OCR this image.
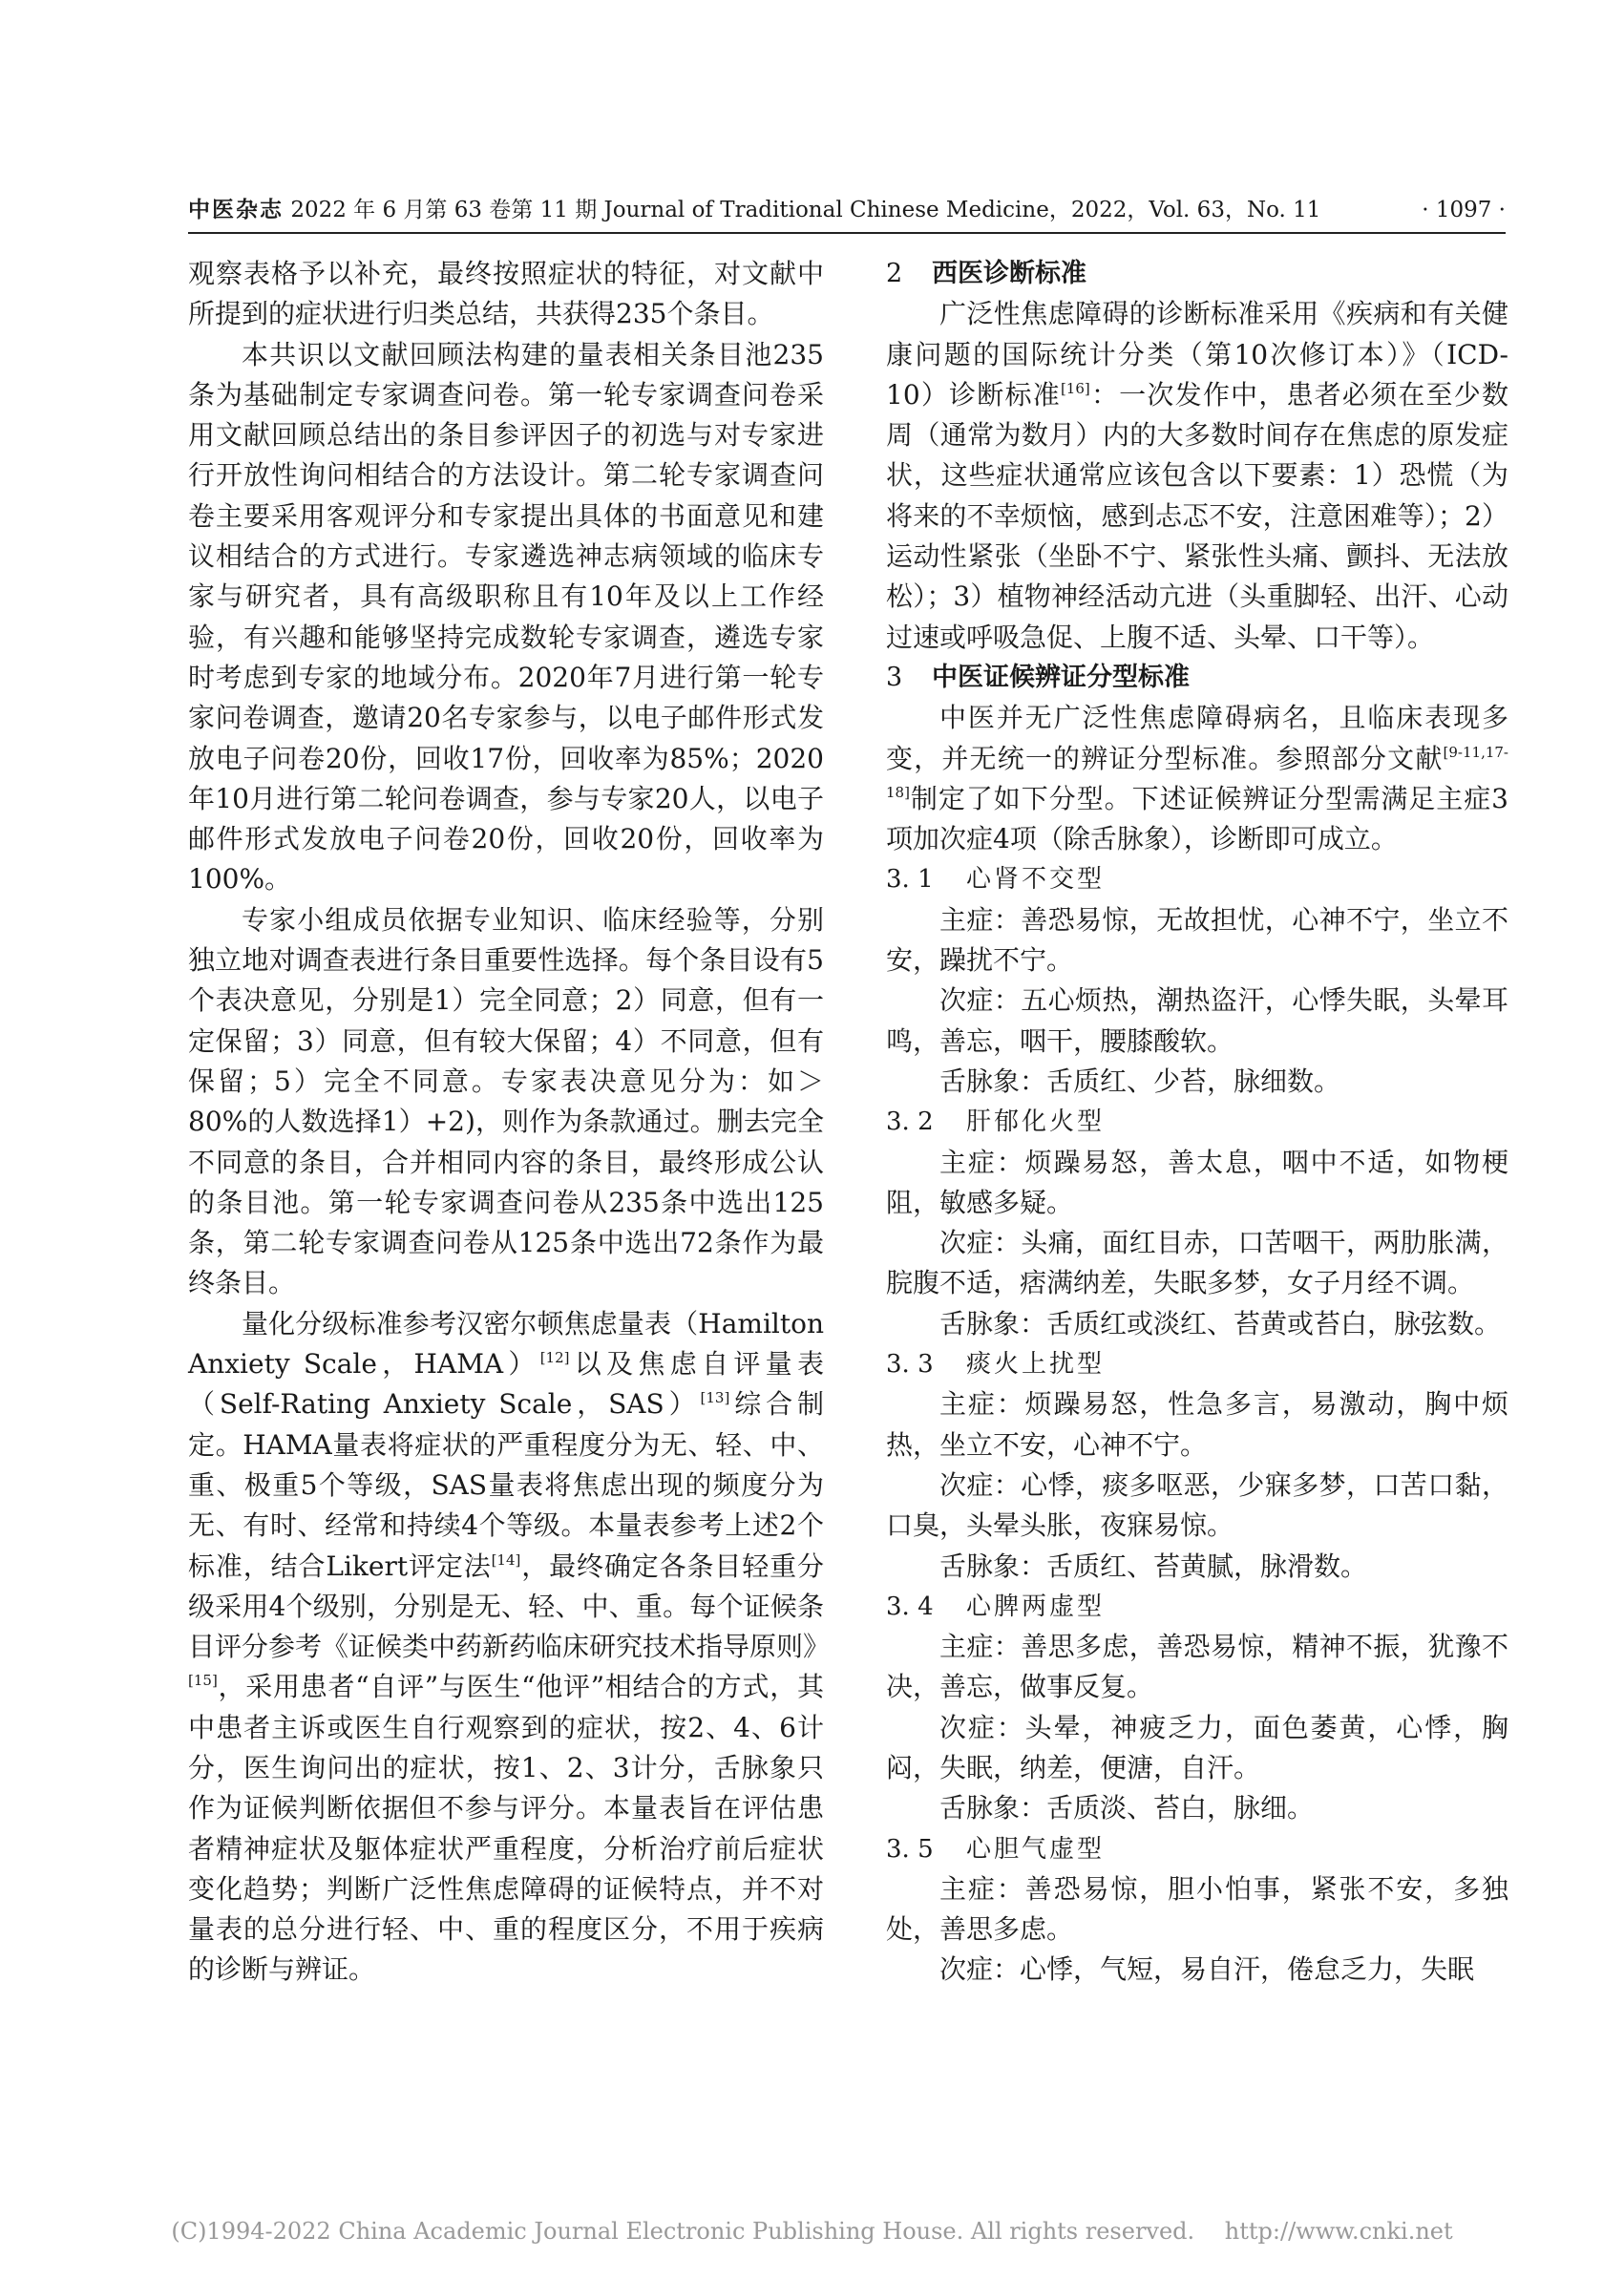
中医杂志 2022 年 6 月第 63 卷第 11 期 Journal of Traditional Chinese Medicine，2022，Vol. 63，No. 11	· 1097 ·

观察表格予以补充，最终按照症状的特征，对文献中所提到的症状进行归类总结，共获得235个条目。

本共识以文献回顾法构建的量表相关条目池235条为基础制定专家调查问卷。第一轮专家调查问卷采用文献回顾总结出的条目参评因子的初选与对专家进行开放性询问相结合的方法设计。第二轮专家调查问卷主要采用客观评分和专家提出具体的书面意见和建议相结合的方式进行。专家遴选神志病领域的临床专家与研究者，具有高级职称且有10年及以上工作经验，有兴趣和能够坚持完成数轮专家调查，遴选专家时考虑到专家的地域分布。2020年7月进行第一轮专家问卷调查，邀请20名专家参与，以电子邮件形式发放电子问卷20份，回收17份，回收率为85%；2020年10月进行第二轮问卷调查，参与专家20人，以电子邮件形式发放电子问卷20份，回收20份，回收率为100%。

专家小组成员依据专业知识、临床经验等，分别独立地对调查表进行条目重要性选择。每个条目设有5个表决意见，分别是1）完全同意；2）同意，但有一定保留；3）同意，但有较大保留；4）不同意，但有保留；5）完全不同意。专家表决意见分为：如＞80%的人数选择1）+2)，则作为条款通过。删去完全不同意的条目，合并相同内容的条目，最终形成公认的条目池。第一轮专家调查问卷从235条中选出125条，第二轮专家调查问卷从125条中选出72条作为最终条目。

量化分级标准参考汉密尔顿焦虑量表（Hamilton Anxiety Scale，HAMA）[12]以及焦虑自评量表（Self-Rating Anxiety Scale，SAS）[13]综合制定。HAMA量表将症状的严重程度分为无、轻、中、重、极重5个等级，SAS量表将焦虑出现的频度分为无、有时、经常和持续4个等级。本量表参考上述2个标准，结合Likert评定法[14]，最终确定各条目轻重分级采用4个级别，分别是无、轻、中、重。每个证候条目评分参考《证候类中药新药临床研究技术指导原则》[15]，采用患者“自评”与医生“他评”相结合的方式，其中患者主诉或医生自行观察到的症状，按2、4、6计分，医生询问出的症状，按1、2、3计分，舌脉象只作为证候判断依据但不参与评分。本量表旨在评估患者精神症状及躯体症状严重程度，分析治疗前后症状变化趋势；判断广泛性焦虑障碍的证候特点，并不对量表的总分进行轻、中、重的程度区分，不用于疾病的诊断与辨证。

2 西医诊断标准

广泛性焦虑障碍的诊断标准采用《疾病和有关健康问题的国际统计分类（第10次修订本）》（ICD-10）诊断标准[16]：一次发作中，患者必须在至少数周（通常为数月）内的大多数时间存在焦虑的原发症状，这些症状通常应该包含以下要素：1）恐慌（为将来的不幸烦恼，感到忐忑不安，注意困难等）；2）运动性紧张（坐卧不宁、紧张性头痛、颤抖、无法放松）；3）植物神经活动亢进（头重脚轻、出汗、心动过速或呼吸急促、上腹不适、头晕、口干等）。

3 中医证候辨证分型标准

中医并无广泛性焦虑障碍病名，且临床表现多变，并无统一的辨证分型标准。参照部分文献[9-11,17-18]制定了如下分型。下述证候辨证分型需满足主症3项加次症4项（除舌脉象），诊断即可成立。

3. 1 心肾不交型

主症：善恐易惊，无故担忧，心神不宁，坐立不安，躁扰不宁。

次症：五心烦热，潮热盗汗，心悸失眠，头晕耳鸣，善忘，咽干，腰膝酸软。

舌脉象：舌质红、少苔，脉细数。

3. 2 肝郁化火型

主症：烦躁易怒，善太息，咽中不适，如物梗阻，敏感多疑。

次症：头痛，面红目赤，口苦咽干，两肋胀满，脘腹不适，痞满纳差，失眠多梦，女子月经不调。

舌脉象：舌质红或淡红、苔黄或苔白，脉弦数。

3. 3 痰火上扰型

主症：烦躁易怒，性急多言，易激动，胸中烦热，坐立不安，心神不宁。

次症：心悸，痰多呕恶，少寐多梦，口苦口黏，口臭，头晕头胀，夜寐易惊。

舌脉象：舌质红、苔黄腻，脉滑数。

3. 4 心脾两虚型

主症：善思多虑，善恐易惊，精神不振，犹豫不决，善忘，做事反复。

次症：头晕，神疲乏力，面色萎黄，心悸，胸闷，失眠，纳差，便溏，自汗。

舌脉象：舌质淡、苔白，脉细。

3. 5 心胆气虚型

主症：善恐易惊，胆小怕事，紧张不安，多独处，善思多虑。

次症：心悸，气短，易自汗，倦怠乏力，失眠

(C)1994-2022 China Academic Journal Electronic Publishing House. All rights reserved.　 http://www.cnki.net
